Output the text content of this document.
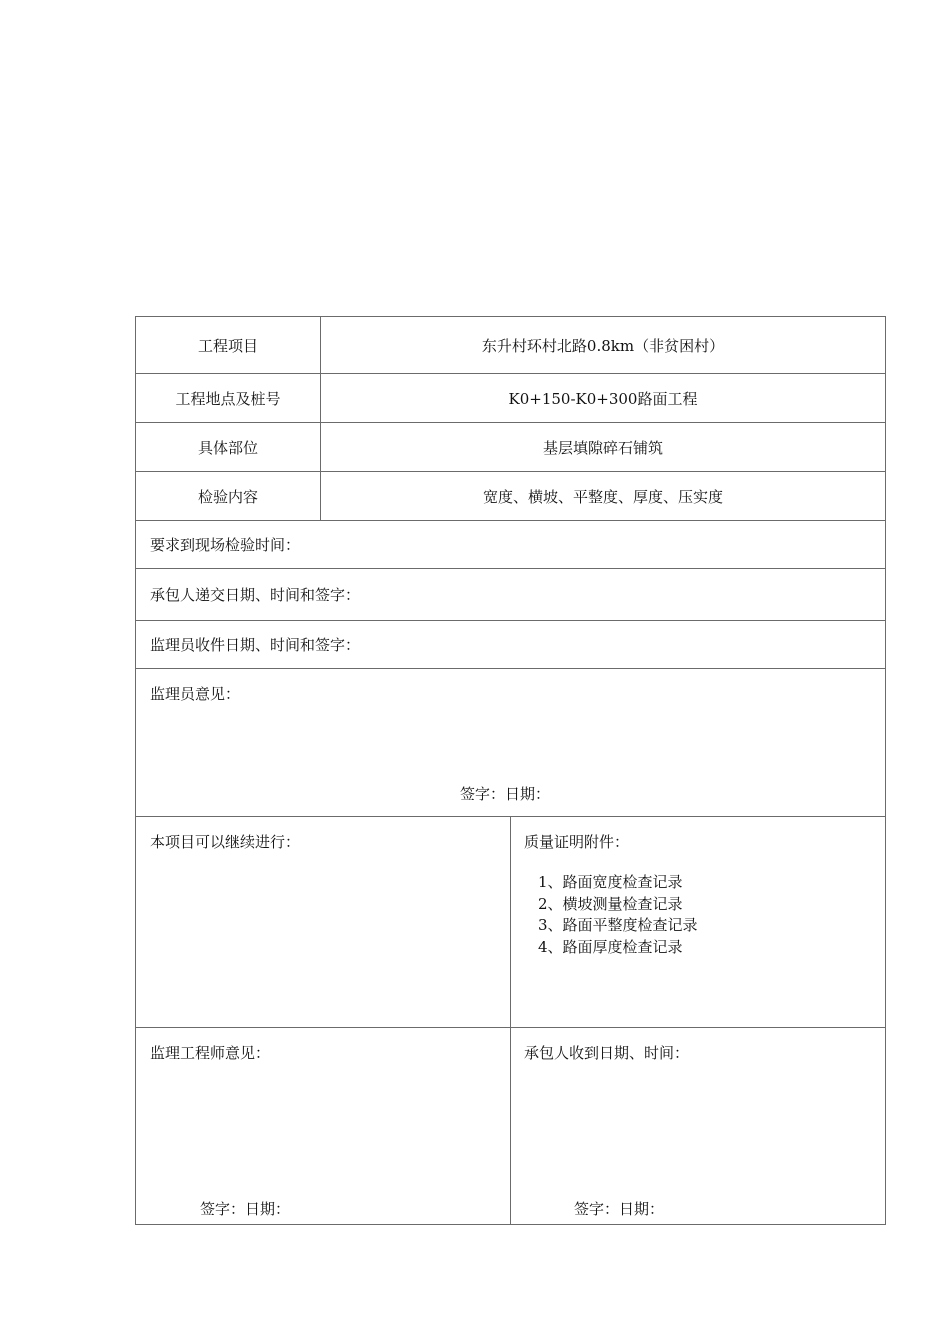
工程项目	东升村环村北路0.8km（非贫困村）
工程地点及桩号	K0+150-K0+300路面工程
具体部位	基层填隙碎石铺筑
检验内容	宽度、横坡、平整度、厚度、压实度
要求到现场检验时间：
承包人递交日期、时间和签字：
监理员收件日期、时间和签字：
监理员意见：
签字：日期：
本项目可以继续进行：	质量证明附件：
1、路面宽度检查记录
2、横坡测量检查记录
3、路面平整度检查记录
4、路面厚度检查记录
监理工程师意见：
签字：日期：
承包人收到日期、时间：
签字：日期：
